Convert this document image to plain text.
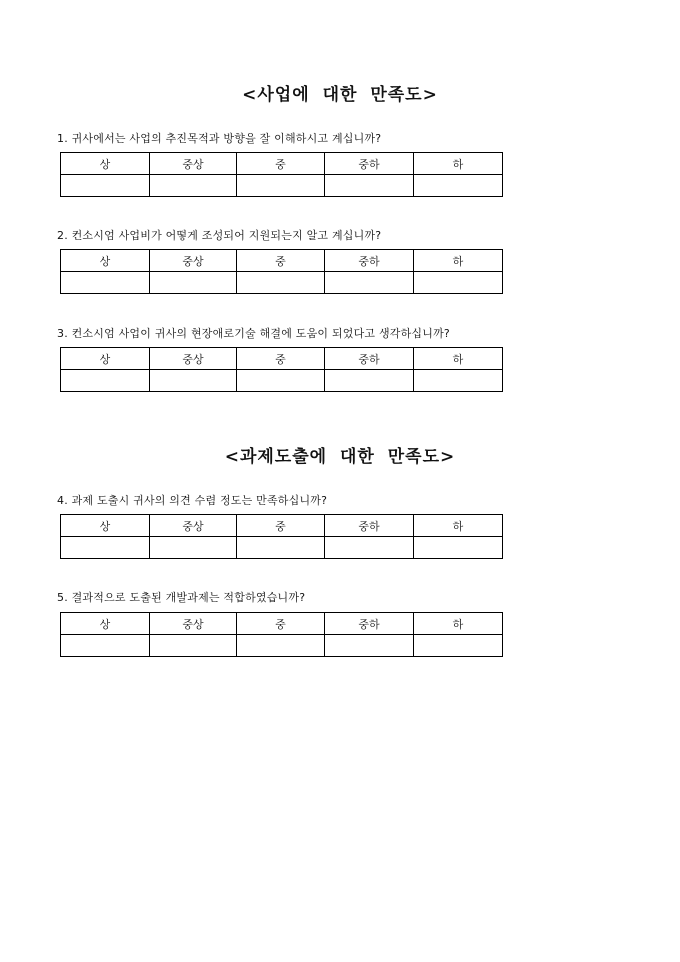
<사업에 대한 만족도>
1. 귀사에서는 사업의 추진목적과 방향을 잘 이해하시고 계십니까?
상	중상	중	중하	하

2. 컨소시엄 사업비가 어떻게 조성되어 지원되는지 알고 계십니까?
상	중상	중	중하	하

3. 컨소시엄 사업이 귀사의 현장애로기술 해결에 도움이 되었다고 생각하십니까?
상	중상	중	중하	하

<과제도출에 대한 만족도>
4. 과제 도출시 귀사의 의견 수렴 정도는 만족하십니까?
상	중상	중	중하	하

5. 결과적으로 도출된 개발과제는 적합하였습니까?
상	중상	중	중하	하
